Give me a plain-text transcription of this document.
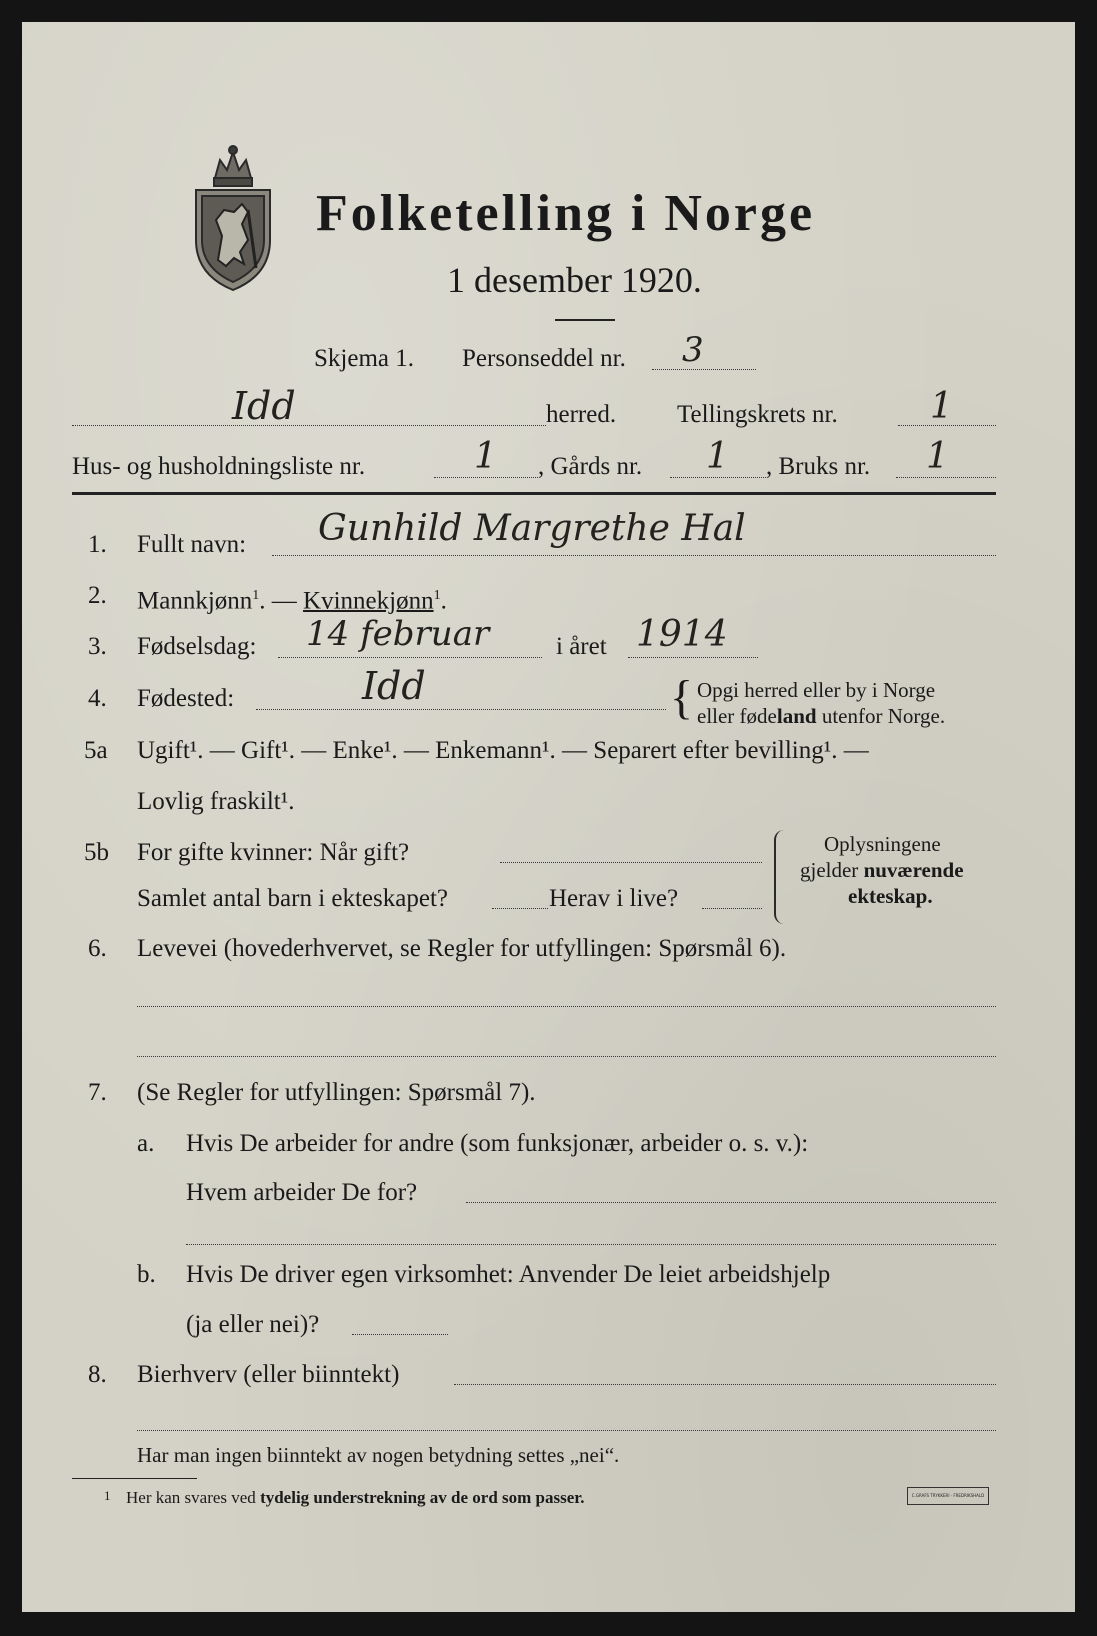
Folketelling i Norge
1 desember 1920.
Skjema 1. Personseddel nr. 3
Idd	herred. Tellingskrets nr.	1
Hus- og husholdningsliste nr.	1 , Gårds nr. 1 , Bruks nr. 1
1. Fullt navn: Gunhild Margrethe Hal
2. Mannkjønn$^1$. — Kvinnekjønn$^1$.
3. Fødselsdag: 14 februar	i året 1914
4. Fødested:	Idd	{ Opgi herred eller by i Norge
eller fødeland utenfor Norge.
5a Ugift¹. — Gift¹. — Enke¹. — Enkemann¹. — Separert efter bevilling¹. —
Lovlig fraskilt¹.
5b For gifte kvinner: Når gift?
Samlet antal barn i ekteskapet?	Herav i live?
Oplysningene
gjelder nuværende
ekteskap.
6. Levevei (hovederhvervet, se Regler for utfyllingen: Spørsmål 6).
7. (Se Regler for utfyllingen: Spørsmål 7).
a. Hvis De arbeider for andre (som funksjonær, arbeider o. s. v.):
Hvem arbeider De for?
b. Hvis De driver egen virksomhet: Anvender De leiet arbeidshjelp
(ja eller nei)?
8. Bierhverv (eller biinntekt)
Har man ingen biinntekt av nogen betydning settes „nei“.
1 Her kan svares ved tydelig understrekning av de ord som passer.	C.GRAFS TRYKKERI · FREDRIKSHALD
